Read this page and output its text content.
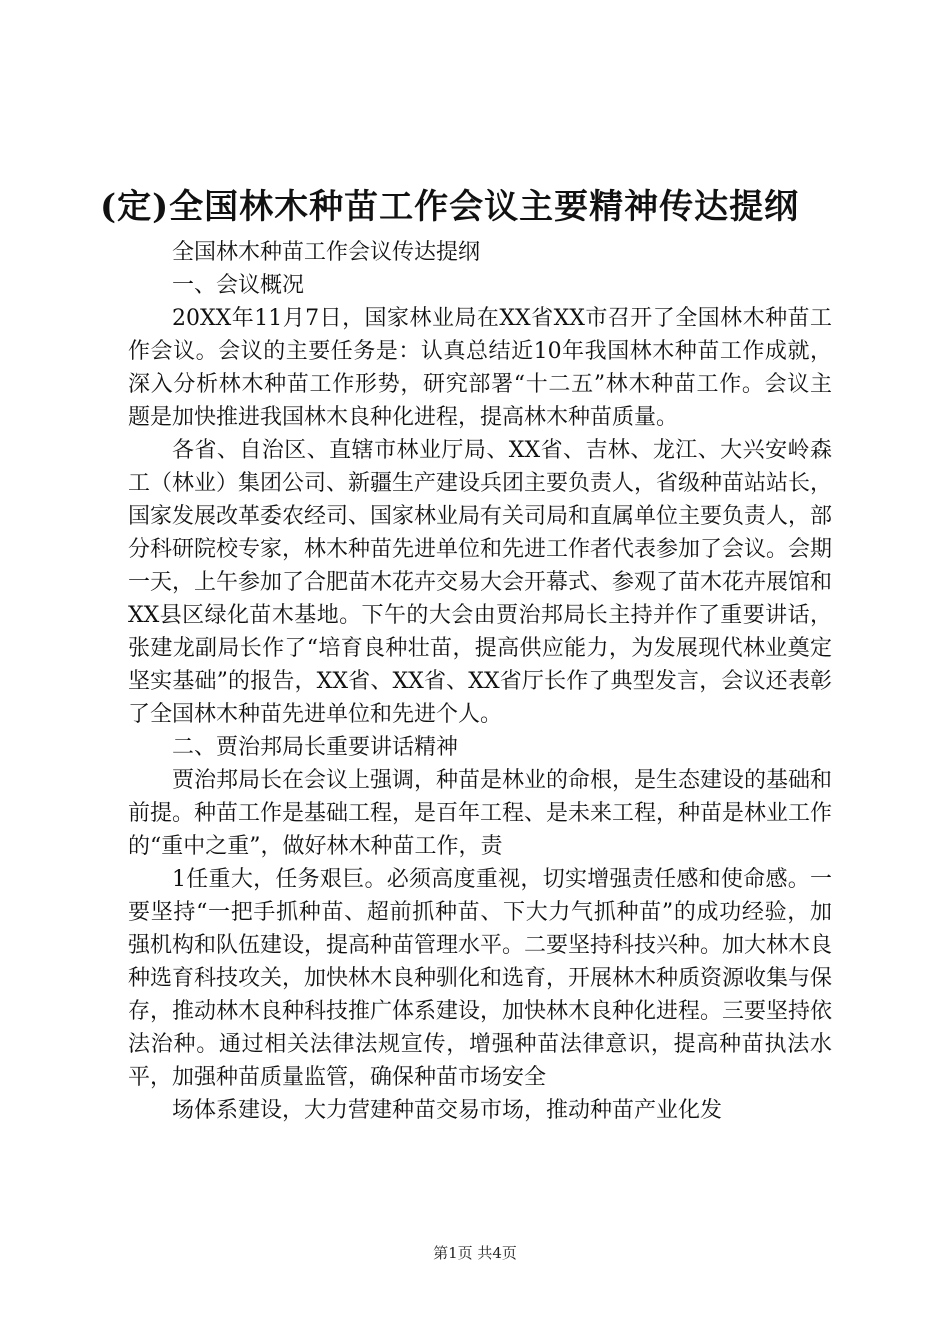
(定)全国林木种苗工作会议主要精神传达提纲

全国林木种苗工作会议传达提纲

一、会议概况

20XX年11月7日，国家林业局在XX省XX市召开了全国林木种苗工作会议。会议的主要任务是：认真总结近10年我国林木种苗工作成就，深入分析林木种苗工作形势，研究部署“十二五”林木种苗工作。会议主题是加快推进我国林木良种化进程，提高林木种苗质量。

各省、自治区、直辖市林业厅局、XX省、吉林、龙江、大兴安岭森工（林业）集团公司、新疆生产建设兵团主要负责人，省级种苗站站长，国家发展改革委农经司、国家林业局有关司局和直属单位主要负责人，部分科研院校专家，林木种苗先进单位和先进工作者代表参加了会议。会期一天，上午参加了合肥苗木花卉交易大会开幕式、参观了苗木花卉展馆和XX县区绿化苗木基地。下午的大会由贾治邦局长主持并作了重要讲话，张建龙副局长作了“培育良种壮苗，提高供应能力，为发展现代林业奠定坚实基础”的报告，XX省、XX省、XX省厅长作了典型发言，会议还表彰了全国林木种苗先进单位和先进个人。

二、贾治邦局长重要讲话精神

贾治邦局长在会议上强调，种苗是林业的命根，是生态建设的基础和前提。种苗工作是基础工程，是百年工程、是未来工程，种苗是林业工作的“重中之重”，做好林木种苗工作，责

1任重大，任务艰巨。必须高度重视，切实增强责任感和使命感。一要坚持“一把手抓种苗、超前抓种苗、下大力气抓种苗”的成功经验，加强机构和队伍建设，提高种苗管理水平。二要坚持科技兴种。加大林木良种选育科技攻关，加快林木良种驯化和选育，开展林木种质资源收集与保存，推动林木良种科技推广体系建设，加快林木良种化进程。三要坚持依法治种。通过相关法律法规宣传，增强种苗法律意识，提高种苗执法水平，加强种苗质量监管，确保种苗市场安全

场体系建设，大力营建种苗交易市场，推动种苗产业化发

第1页 共4页
